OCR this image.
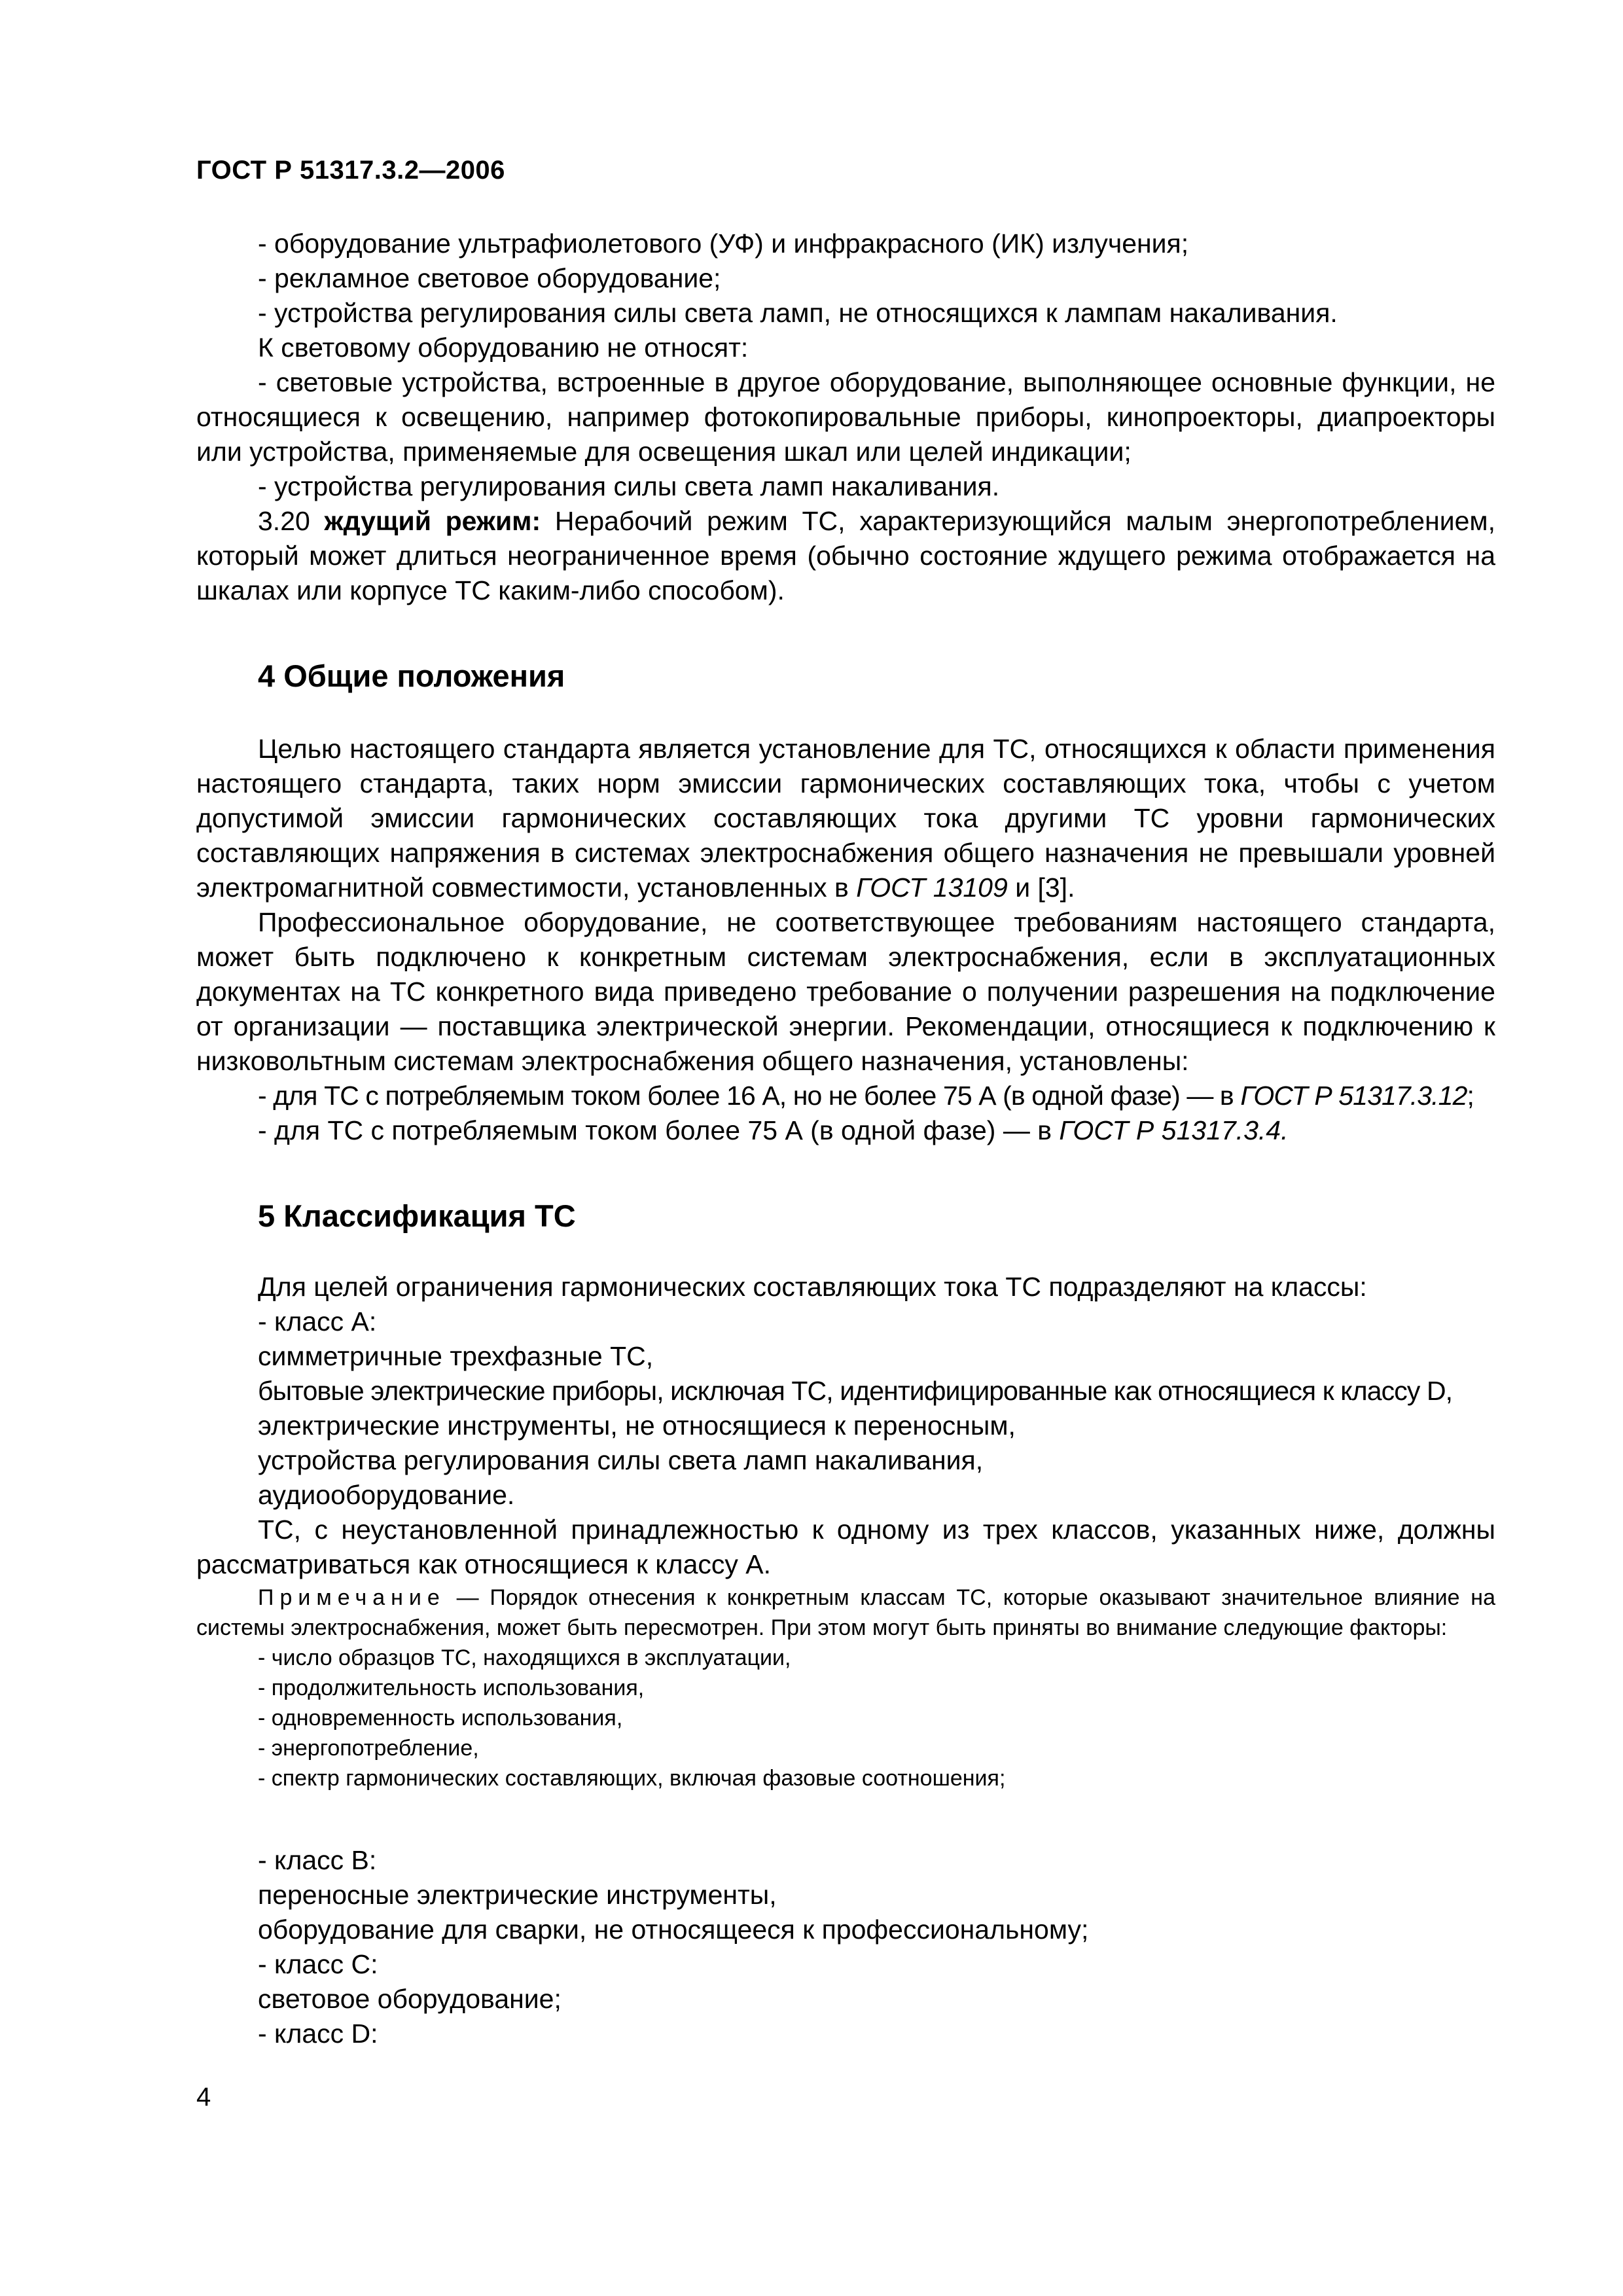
ГОСТ Р 51317.3.2—2006

- оборудование ультрафиолетового (УФ) и инфракрасного (ИК) излучения;

- рекламное световое оборудование;

- устройства регулирования силы света ламп, не относящихся к лампам накаливания.

К световому оборудованию не относят:

- световые устройства, встроенные в другое оборудование, выполняющее основные функции, не относящиеся к освещению, например фотокопировальные приборы, кинопроекторы, диапроекторы или устройства, применяемые для освещения шкал или целей индикации;

- устройства регулирования силы света ламп накаливания.

3.20 ждущий режим: Нерабочий режим ТС, характеризующийся малым энергопотреблением, который может длиться неограниченное время (обычно состояние ждущего режима отображается на шкалах или корпусе ТС каким-либо способом).

4 Общие положения

Целью настоящего стандарта является установление для ТС, относящихся к области применения настоящего стандарта, таких норм эмиссии гармонических составляющих тока, чтобы с учетом допустимой эмиссии гармонических составляющих тока другими ТС уровни гармонических составляющих напряжения в системах электроснабжения общего назначения не превышали уровней электромагнитной совместимости, установленных в ГОСТ 13109 и [3].

Профессиональное оборудование, не соответствующее требованиям настоящего стандарта, может быть подключено к конкретным системам электроснабжения, если в эксплуатационных документах на ТС конкретного вида приведено требование о получении разрешения на подключение от организации — поставщика электрической энергии. Рекомендации, относящиеся к подключению к низковольтным системам электроснабжения общего назначения, установлены:

- для ТС с потребляемым током более 16 А, но не более 75 А (в одной фазе) — в ГОСТ Р 51317.3.12;

- для ТС с потребляемым током более 75 А (в одной фазе) — в ГОСТ Р 51317.3.4.

5 Классификация ТС

Для целей ограничения гармонических составляющих тока ТС подразделяют на классы:

- класс А:

симметричные трехфазные ТС,

бытовые электрические приборы, исключая ТС, идентифицированные как относящиеся к классу D,

электрические инструменты, не относящиеся к переносным,

устройства регулирования силы света ламп накаливания,

аудиооборудование.

ТС, с неустановленной принадлежностью к одному из трех классов, указанных ниже, должны рассматриваться как относящиеся к классу А.

Примечание — Порядок отнесения к конкретным классам ТС, которые оказывают значительное влияние на системы электроснабжения, может быть пересмотрен. При этом могут быть приняты во внимание следующие факторы:

- число образцов ТС, находящихся в эксплуатации,

- продолжительность использования,

- одновременность использования,

- энергопотребление,

- спектр гармонических составляющих, включая фазовые соотношения;

- класс В:

переносные электрические инструменты,

оборудование для сварки, не относящееся к профессиональному;

- класс С:

световое оборудование;

- класс D:

4
